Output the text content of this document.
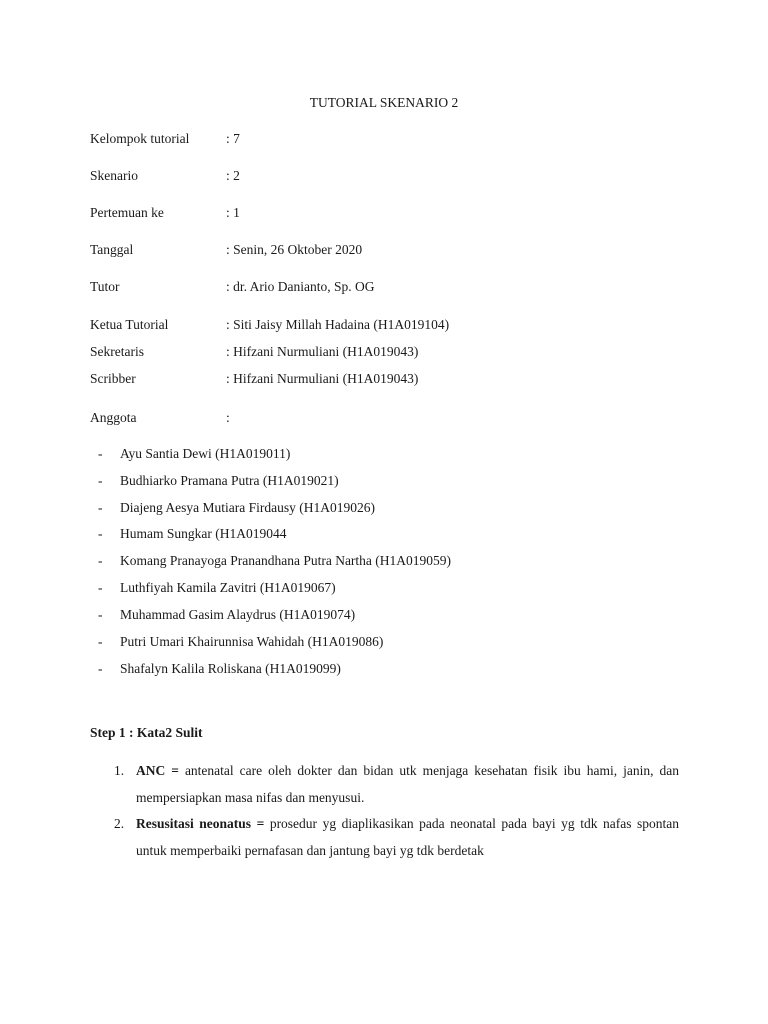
TUTORIAL SKENARIO 2
Kelompok tutorial	: 7
Skenario	: 2
Pertemuan ke	: 1
Tanggal	: Senin, 26 Oktober 2020
Tutor	: dr. Ario Danianto, Sp. OG
Ketua Tutorial	: Siti Jaisy Millah Hadaina (H1A019104)
Sekretaris	: Hifzani Nurmuliani (H1A019043)
Scribber	: Hifzani Nurmuliani (H1A019043)
Anggota	:
- Ayu Santia Dewi (H1A019011)
- Budhiarko Pramana Putra (H1A019021)
- Diajeng Aesya Mutiara Firdausy (H1A019026)
- Humam Sungkar (H1A019044
- Komang Pranayoga Pranandhana Putra Nartha (H1A019059)
- Luthfiyah Kamila Zavitri (H1A019067)
- Muhammad Gasim Alaydrus (H1A019074)
- Putri Umari Khairunnisa Wahidah (H1A019086)
- Shafalyn Kalila Roliskana (H1A019099)
Step 1 : Kata2 Sulit
1. ANC = antenatal care oleh dokter dan bidan utk menjaga kesehatan fisik ibu hami, janin, dan mempersiapkan masa nifas dan menyusui.
2. Resusitasi neonatus = prosedur yg diaplikasikan pada neonatal pada bayi yg tdk nafas spontan untuk memperbaiki pernafasan dan jantung bayi yg tdk berdetak
